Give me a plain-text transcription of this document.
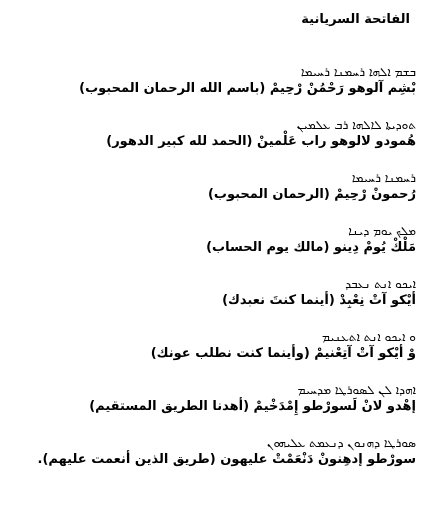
الفاتحة السريانية
ܒܫܡ ܐܠܗܐ ܪܚܡܢܐ ܪܚܝܡܐ
بْشِم آلوهو رَحْمُنْ رْحِيمْ (باسم الله الرحمان المحبوب)
ܬܘܕܝܬܐ ܠܐܠܗܐ ܪܒ ܥܠܡܝܢ
هُمودو لالوهو راب عَلْمينْ (الحمد لله كبير الدهور)
ܪܚܡܢܐ ܪܚܝܡܐ
رُحمونْ رْحِيمْ (الرحمان المحبوب)
ܡܠܟ ܝܘܡ ܕܝܢܐ
مَلْكْ يُومْ دِينو (مالك يوم الحساب)
ܐܝܟܘ ܐܢܬ ܢܥܒܕ
أيْكو آتْ نِعْبِدْ (أينما كنتَ نعبدك)
ܘ ܐܝܟܘ ܐܢܬ ܐܬܥܢܝܡ
وْ أيْكو آتْ آتِعْنيمْ (وأينما كنت نطلب عونك)
ܐܗܕܐ ܠܢ ܠܣܘܪܛܐ ܡܕܚܝܡ
إهْدو لانْ لَسورْطو إِمْدَخْيمْ (أهدنا الطريق المستقيم)
ܣܘܪܛܐ ܕܗܢܘܢ ܕܢܥܡܬ ܥܠܝܗܘܢ
سورْطو إدهِنونْ دَنْعَمْتْ عليهون (طريق الذين أنعمت عليهم).
